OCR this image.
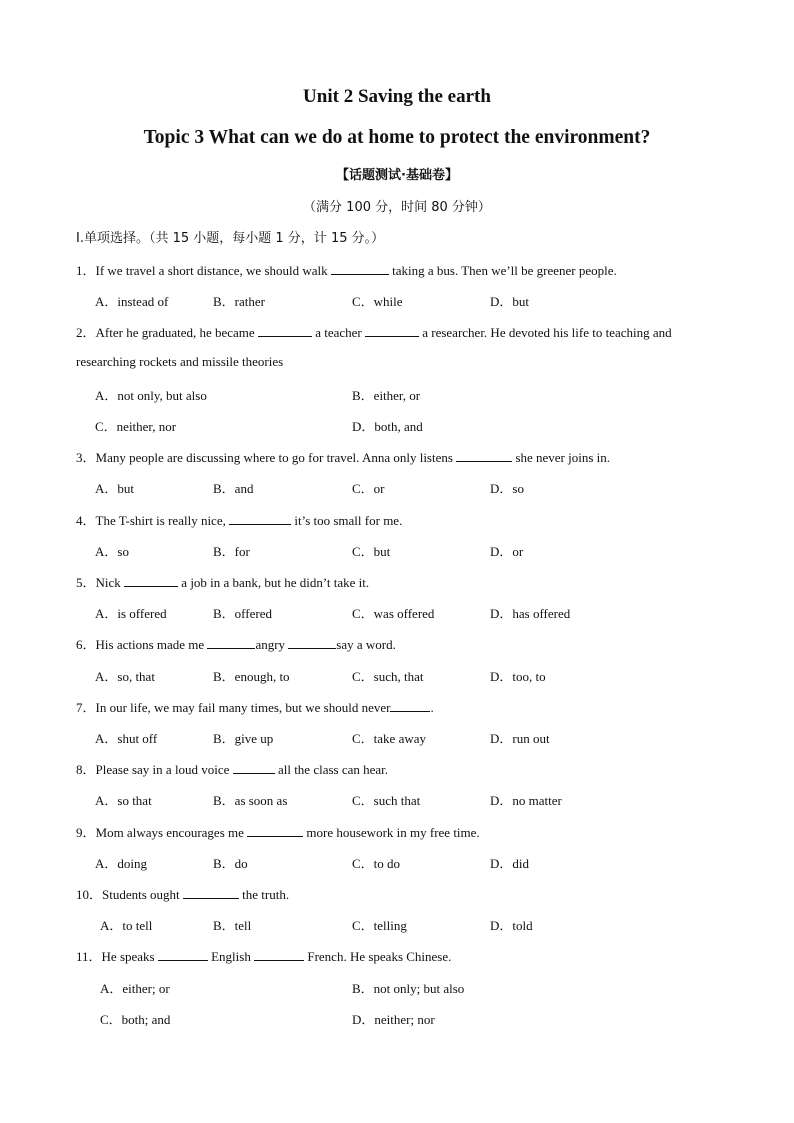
Unit 2 Saving the earth
Topic 3 What can we do at home to protect the environment?
【话题测试·基础卷】
（满分 100 分，时间 80 分钟）
I.单项选择。（共 15 小题，每小题 1 分，计 15 分。）
1．If we travel a short distance, we should walk	taking a bus. Then we’ll be greener people.
A．instead of	B．rather	C．while	D．but
2．After he graduated, he became	a teacher	a researcher. He devoted his life to teaching and
researching rockets and missile theories
A．not only, but also	B．either, or
C．neither, nor	D．both, and
3．Many people are discussing where to go for travel. Anna only listens	she never joins in.
A．but	B．and	C．or	D．so
4．The T-shirt is really nice,	it’s too small for me.
A．so	B．for	C．but	D．or
5．Nick	a job in a bank, but he didn’t take it.
A．is offered	B．offered	C．was offered	D．has offered
6．His actions made me	angry	say a word.
A．so, that	B．enough, to	C．such, that	D．too, to
7．In our life, we may fail many times, but we should never	.
A．shut off	B．give up	C．take away	D．run out
8．Please say in a loud voice	all the class can hear.
A．so that	B．as soon as	C．such that	D．no matter
9．Mom always encourages me	more housework in my free time.
A．doing	B．do	C．to do	D．did
10．Students ought	the truth.
A．to tell	B．tell	C．telling	D．told
11．He speaks	English	French. He speaks Chinese.
A．either; or	B．not only; but also
C．both; and	D．neither; nor
